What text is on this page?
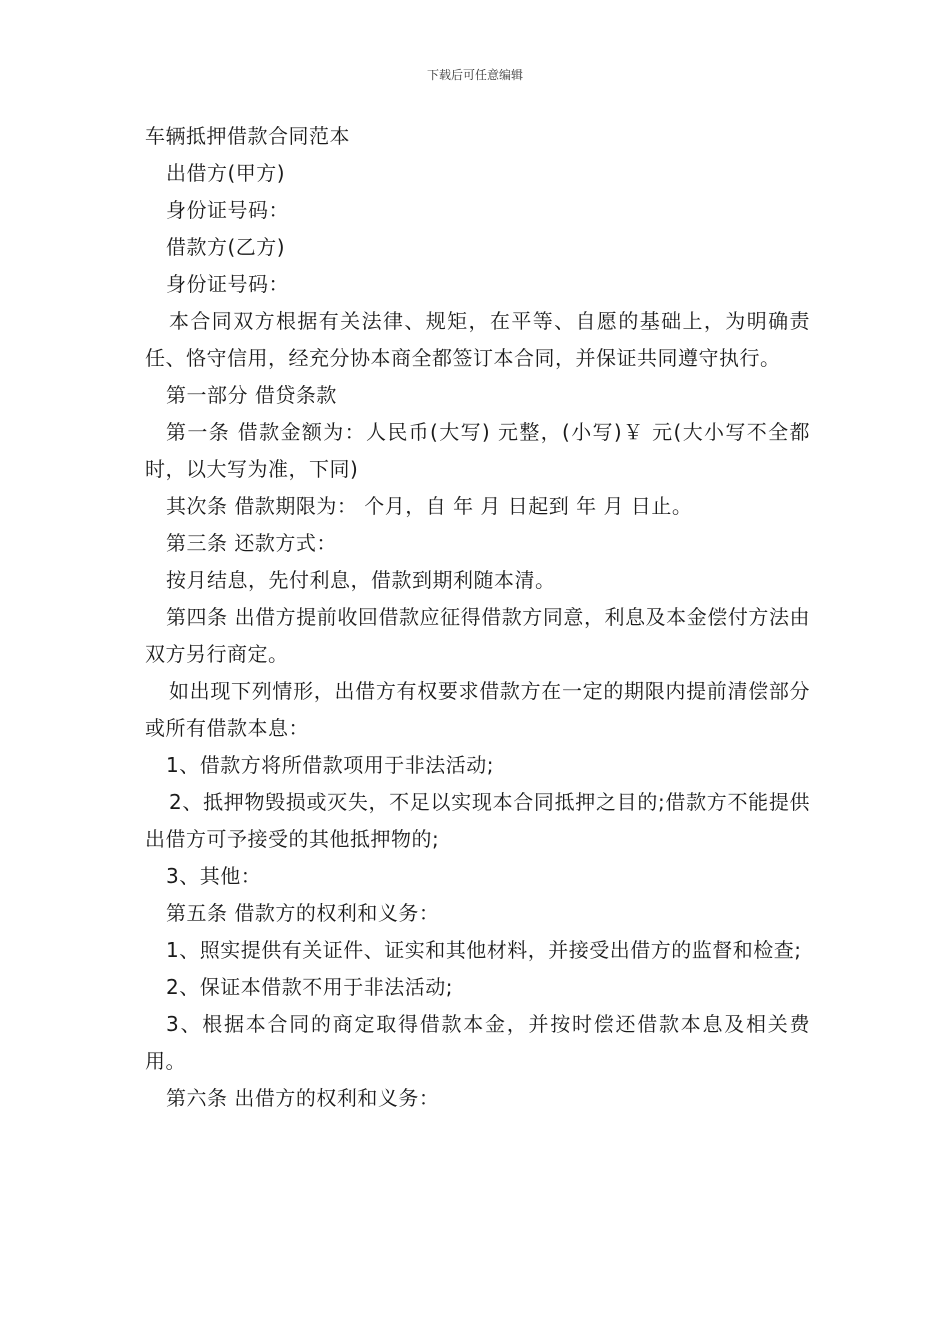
下载后可任意编辑

车辆抵押借款合同范本

出借方(甲方)

身份证号码：

借款方(乙方)

身份证号码：

本合同双方根据有关法律、规矩，在平等、自愿的基础上，为明确责任、恪守信用，经充分协本商全都签订本合同，并保证共同遵守执行。

第一部分 借贷条款

第一条 借款金额为：人民币(大写) 元整，(小写)￥ 元(大小写不全都时，以大写为准，下同)

其次条 借款期限为： 个月，自 年 月 日起到 年 月 日止。

第三条 还款方式：

按月结息，先付利息，借款到期利随本清。

第四条 出借方提前收回借款应征得借款方同意，利息及本金偿付方法由双方另行商定。

如出现下列情形，出借方有权要求借款方在一定的期限内提前清偿部分或所有借款本息：

1、借款方将所借款项用于非法活动;

2、抵押物毁损或灭失，不足以实现本合同抵押之目的;借款方不能提供出借方可予接受的其他抵押物的;

3、其他：

第五条 借款方的权利和义务：

1、照实提供有关证件、证实和其他材料，并接受出借方的监督和检查;

2、保证本借款不用于非法活动;

3、根据本合同的商定取得借款本金，并按时偿还借款本息及相关费用。

第六条 出借方的权利和义务：
